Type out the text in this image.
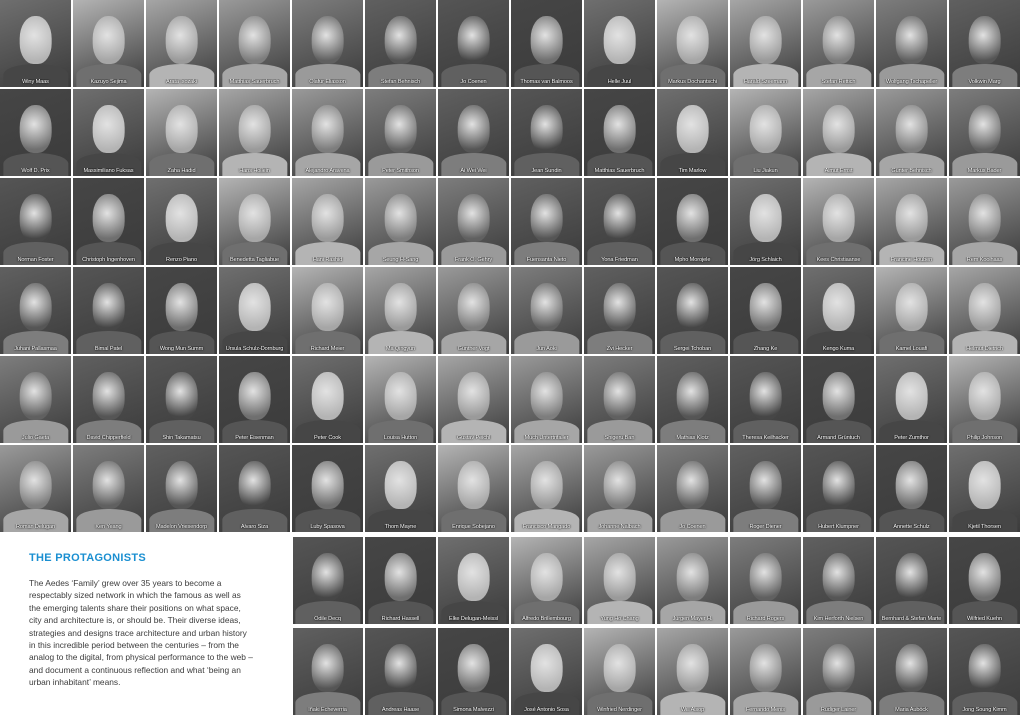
Winy Maas	Kazuyo Sejima	Arata Isozaki	Matthias Sauerbruch	Olafur Eliasson	Stefan Behnisch	Jo Coenen	Thomas van Balmoos	Helle Juul	Markus Dochantschi	Harald Szeemann	Stefan Rettich	Wolfgang Tschapeller	Volkwin Marg
Wolf D. Prix	Massimiliano Fuksas	Zaha Hadid	Hans Hollein	Alejandro Aravena	Peter Smithson	Ai Wei Wei	Jean Sundin	Matthias Sauerbruch	Tim Marlow	Liu Jiakun	Almut Ernst	Günter Behnisch	Markus Bader
Norman Foster	Christoph Ingenhoven	Renzo Piano	Benedetta Tagliabue	Hani Rashid	Seung H-Sang	Frank O. Gehry	Fuensanta Nieto	Yona Friedman	Mpho Morojele	Jörg Schlaich	Kees Christiaanse	Francine Houben	Rem Koolhaas
Juhani Pallasmaa	Bimal Patel	Wong Mun Summ	Ursula Schulz-Dornburg	Richard Meier	Ma Qingyun	Günther Vogt	Jun Aoki	Zvi Hecker	Sergei Tchoban	Zhang Ke	Kengo Kuma	Kamel Louafi	Helmut Dietrich
Julio Gaeta	David Chipperfield	Shin Takamatsu	Peter Eisenman	Peter Cook	Louisa Hutton	Gustav Peichl	Much Untertrifaller	Shigeru Ban	Mathias Klotz	Theresa Keilhacker	Armand Grüntuch	Peter Zumthor	Philip Johnson
Roman Delugan	Ken Yeang	Madelon Vriesendorp	Alvaro Siza	Luby Spasova	Thom Mayne	Enrique Sobejano	Francisco Mangado	Johanne Nalbach	Jo Coenen	Roger Diener	Hubert Klumpner	Annette Schulz	Kjetil Thorsen
Odile Decq	Richard Hassell	Elke Delugan-Meissl	Alfredo Brillembourg	Yung Ho Chang	Jürgen Mayer H.	Richard Rogers	Kim Herforth Nielsen	Bernhard & Stefan Marte	Wilfried Kuehn
Iñaki Echeverria	Andreas Haase	Simona Malvezzi	José Antonio Sosa	Winfried Nerdinger	Will Alsop	Fernando Menis	Rüdiger Lainer	Maria Auböck	Jong Soung Kimm
THE PROTAGONISTS

The Aedes ‘Family’ grew over 35 years to become a respectably sized network in which the famous as well as the emerging talents share their positions on what space, city and architecture is, or should be. Their diverse ideas, strategies and designs trace architecture and urban history in this incredible period between the centuries – from the analog to the digital, from physical performance to the web – and document a continuous reflection and what ‘being an urban inhabitant’ means.
